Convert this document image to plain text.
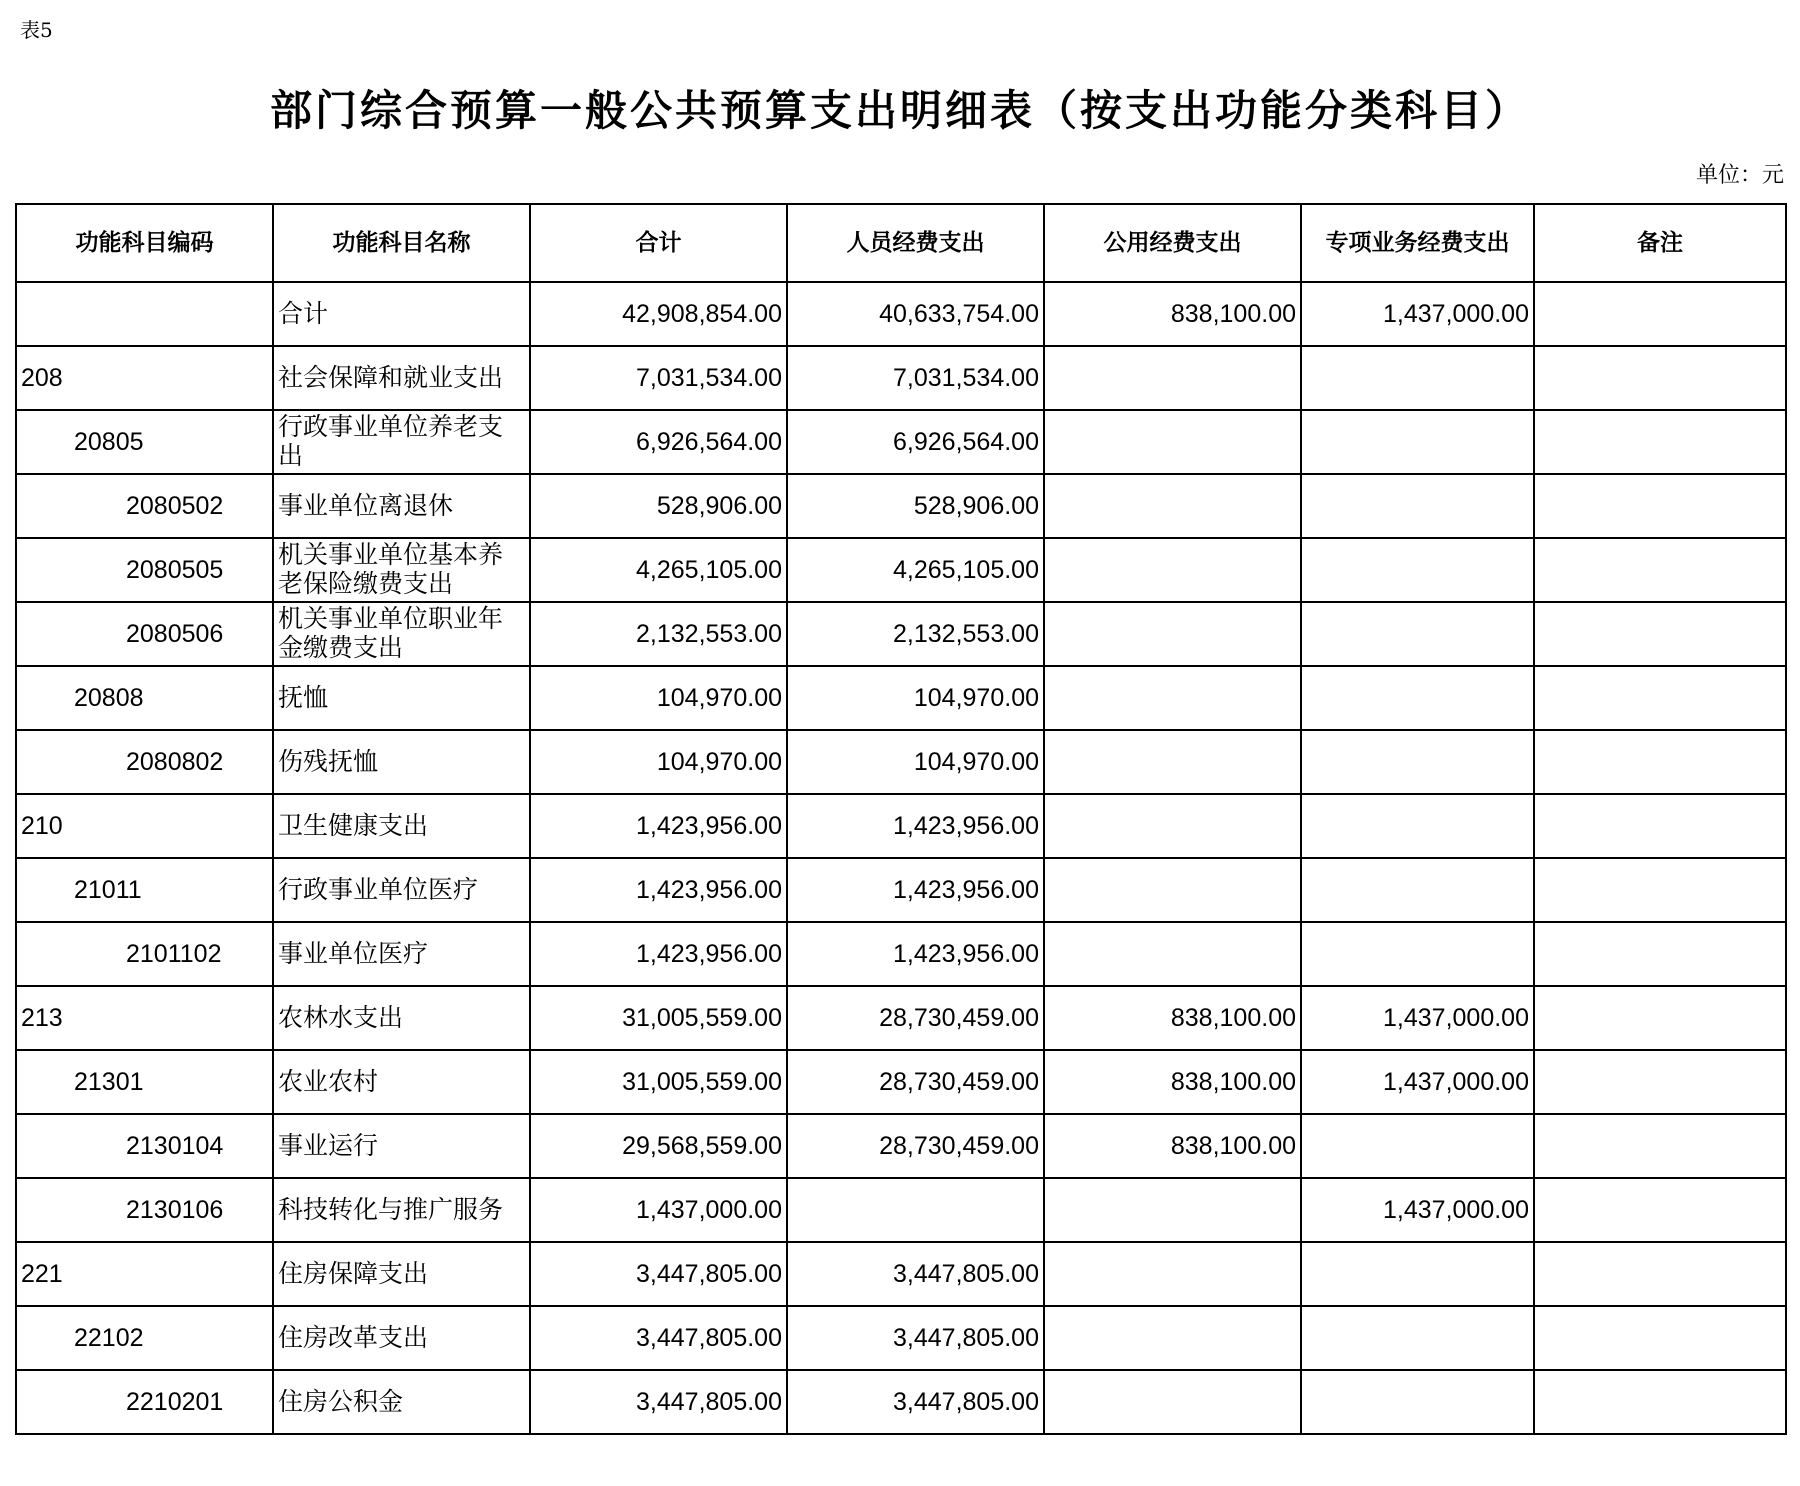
表5
部门综合预算一般公共预算支出明细表（按支出功能分类科目）
单位：元
功能科目编码	功能科目名称	合计	人员经费支出	公用经费支出	专项业务经费支出	备注
	合计	42,908,854.00	40,633,754.00	838,100.00	1,437,000.00	
208	社会保障和就业支出	7,031,534.00	7,031,534.00			
20805	行政事业单位养老支出	6,926,564.00	6,926,564.00			
2080502	事业单位离退休	528,906.00	528,906.00			
2080505	机关事业单位基本养老保险缴费支出	4,265,105.00	4,265,105.00			
2080506	机关事业单位职业年金缴费支出	2,132,553.00	2,132,553.00			
20808	抚恤	104,970.00	104,970.00			
2080802	伤残抚恤	104,970.00	104,970.00			
210	卫生健康支出	1,423,956.00	1,423,956.00			
21011	行政事业单位医疗	1,423,956.00	1,423,956.00			
2101102	事业单位医疗	1,423,956.00	1,423,956.00			
213	农林水支出	31,005,559.00	28,730,459.00	838,100.00	1,437,000.00	
21301	农业农村	31,005,559.00	28,730,459.00	838,100.00	1,437,000.00	
2130104	事业运行	29,568,559.00	28,730,459.00	838,100.00		
2130106	科技转化与推广服务	1,437,000.00			1,437,000.00	
221	住房保障支出	3,447,805.00	3,447,805.00			
22102	住房改革支出	3,447,805.00	3,447,805.00			
2210201	住房公积金	3,447,805.00	3,447,805.00			
